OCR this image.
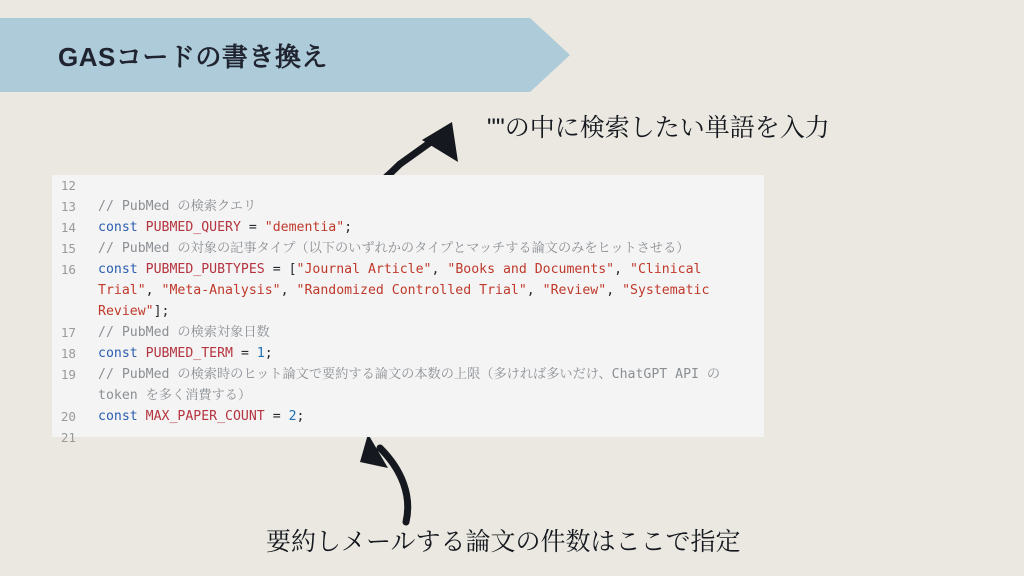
GASコードの書き換え
""の中に検索したい単語を入力
要約しメールする論文の件数はここで指定
12

13	// PubMed の検索クエリ
14	const PUBMED_QUERY = "dementia";
15	// PubMed の対象の記事タイプ（以下のいずれかのタイプとマッチする論文のみをヒットさせる）
16	const PUBMED_PUBTYPES = ["Journal Article", "Books and Documents", "Clinical Trial", "Meta-Analysis", "Randomized Controlled Trial", "Review", "Systematic Review"];
17	// PubMed の検索対象日数
18	const PUBMED_TERM = 1;
19	// PubMed の検索時のヒット論文で要約する論文の本数の上限（多ければ多いだけ、ChatGPT API の token を多く消費する）
20	const MAX_PAPER_COUNT = 2;
21
